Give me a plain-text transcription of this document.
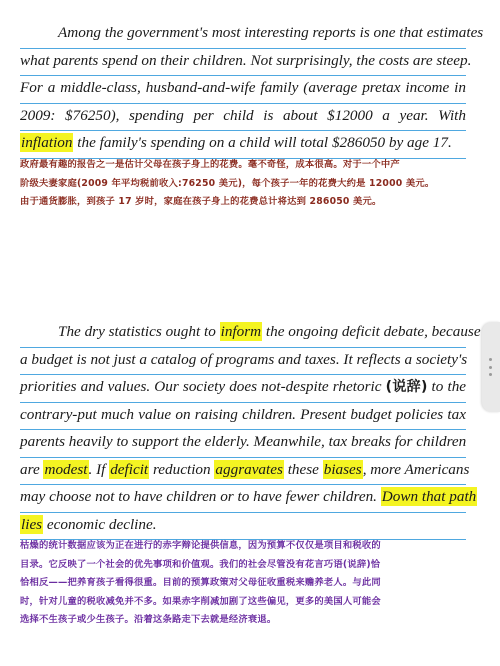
Among the government's most interesting reports is one that estimates
what parents spend on their children. Not surprisingly, the costs are steep.
For a middle-class, husband-and-wife family (average pretax income in
2009: $76250), spending per child is about $12000 a year. With
inflation the family's spending on a child will total $286050 by age 17.
政府最有趣的报告之一是估计父母在孩子身上的花费。毫不奇怪，成本很高。对于一个中产
阶级夫妻家庭(2009 年平均税前收入:76250 美元)，每个孩子一年的花费大约是 12000 美元。
由于通货膨胀，到孩子 17 岁时，家庭在孩子身上的花费总计将达到 286050 美元。
The dry statistics ought to inform the ongoing deficit debate, because
a budget is not just a catalog of programs and taxes. It reflects a society's
priorities and values. Our society does not-despite rhetoric (说辞) to the
contrary-put much value on raising children. Present budget policies tax
parents heavily to support the elderly. Meanwhile, tax breaks for children
are modest. If deficit reduction aggravates these biases, more Americans
may choose not to have children or to have fewer children. Down that path
lies economic decline.
枯燥的统计数据应该为正在进行的赤字辩论提供信息，因为预算不仅仅是项目和税收的
目录。它反映了一个社会的优先事项和价值观。我们的社会尽管没有花言巧语(说辞)恰
恰相反——把养育孩子看得很重。目前的预算政策对父母征收重税来赡养老人。与此同
时，针对儿童的税收减免并不多。如果赤字削减加剧了这些偏见，更多的美国人可能会
选择不生孩子或少生孩子。沿着这条路走下去就是经济衰退。
